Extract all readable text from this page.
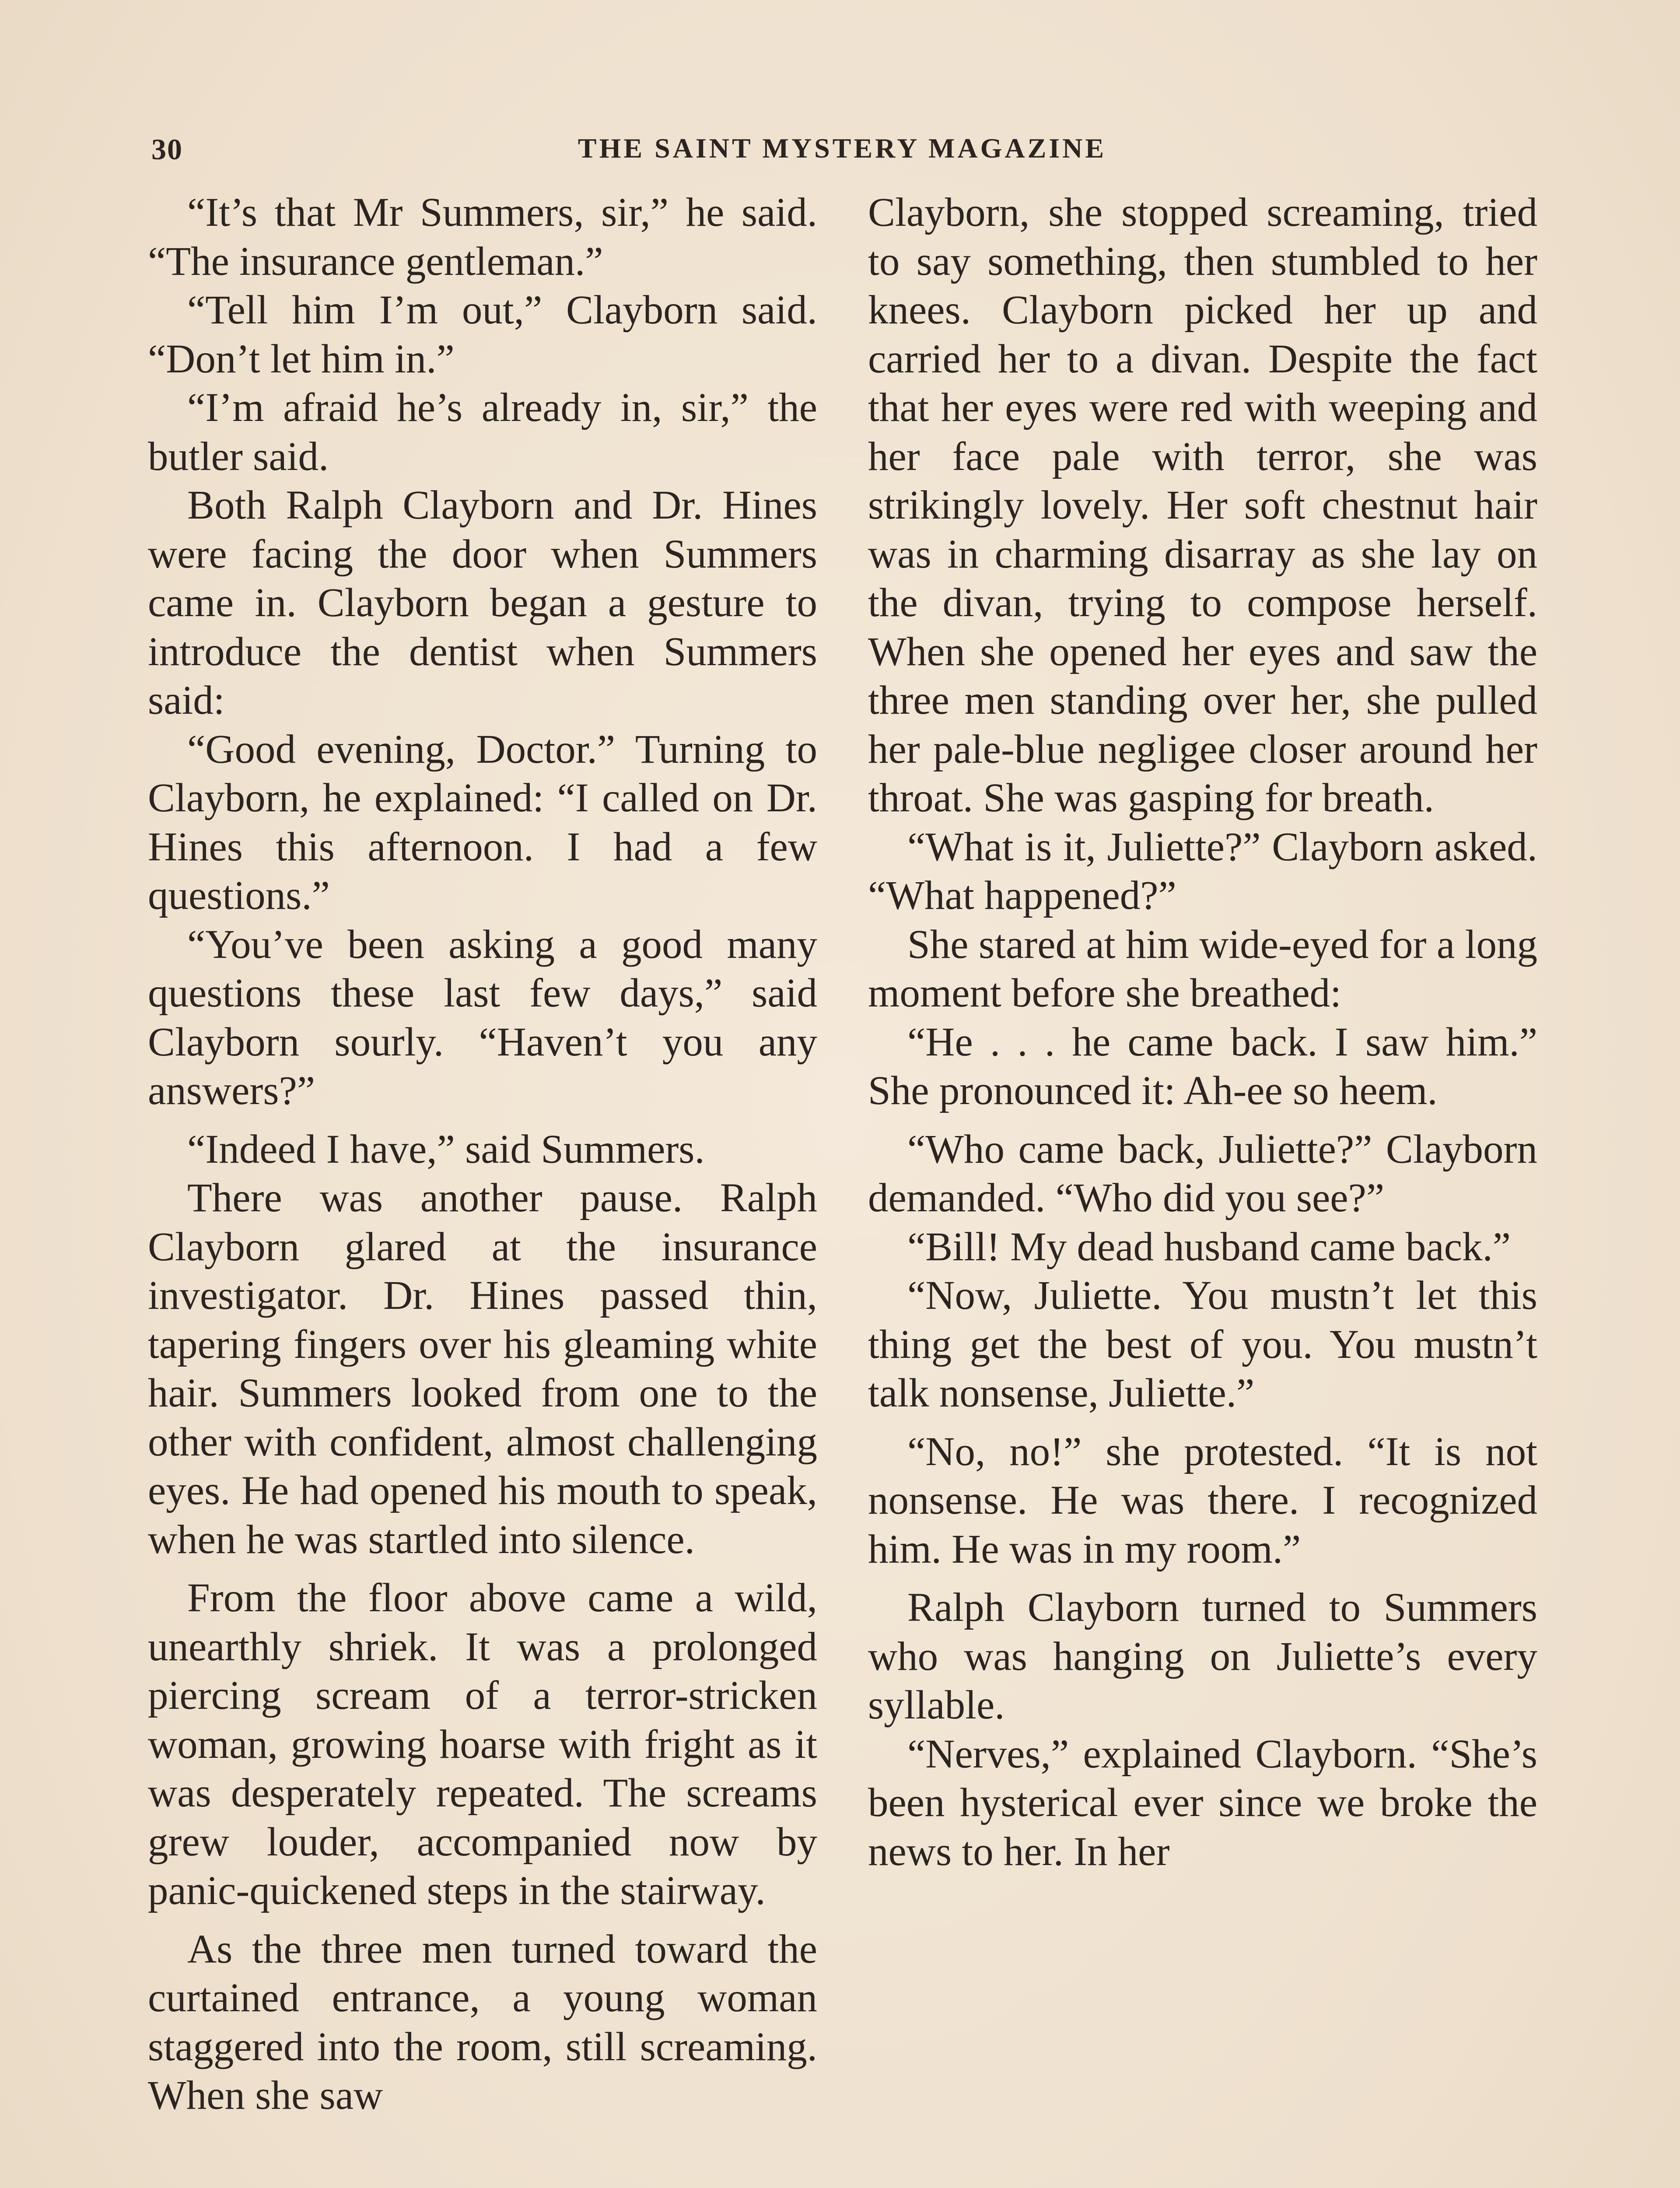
30	THE SAINT MYSTERY MAGAZINE

“It’s that Mr Summers, sir,” he said. “The insurance gentleman.”

“Tell him I’m out,” Clayborn said. “Don’t let him in.”

“I’m afraid he’s already in, sir,” the butler said.

Both Ralph Clayborn and Dr. Hines were facing the door when Summers came in. Clayborn began a gesture to introduce the dentist when Summers said:

“Good evening, Doctor.” Turning to Clayborn, he explained: “I called on Dr. Hines this afternoon. I had a few questions.”

“You’ve been asking a good many questions these last few days,” said Clayborn sourly. “Haven’t you any answers?”

“Indeed I have,” said Summers.

There was another pause. Ralph Clayborn glared at the insurance investigator. Dr. Hines passed thin, tapering fingers over his gleaming white hair. Summers looked from one to the other with confident, almost challenging eyes. He had opened his mouth to speak, when he was startled into silence.

From the floor above came a wild, unearthly shriek. It was a prolonged piercing scream of a terror-stricken woman, growing hoarse with fright as it was desperately repeated. The screams grew louder, accompanied now by panic-quickened steps in the stairway.

As the three men turned toward the curtained entrance, a young woman staggered into the room, still screaming. When she saw

Clayborn, she stopped screaming, tried to say something, then stumbled to her knees. Clayborn picked her up and carried her to a divan. Despite the fact that her eyes were red with weeping and her face pale with terror, she was strikingly lovely. Her soft chestnut hair was in charming disarray as she lay on the divan, trying to compose herself. When she opened her eyes and saw the three men standing over her, she pulled her pale-blue negligee closer around her throat. She was gasping for breath.

“What is it, Juliette?” Clayborn asked. “What happened?”

She stared at him wide-eyed for a long moment before she breathed:

“He . . . he came back. I saw him.” She pronounced it: Ah-ee so heem.

“Who came back, Juliette?” Clayborn demanded. “Who did you see?”

“Bill! My dead husband came back.”

“Now, Juliette. You mustn’t let this thing get the best of you. You mustn’t talk nonsense, Juliette.”

“No, no!” she protested. “It is not nonsense. He was there. I recognized him. He was in my room.”

Ralph Clayborn turned to Summers who was hanging on Juliette’s every syllable.

“Nerves,” explained Clayborn. “She’s been hysterical ever since we broke the news to her. In her
